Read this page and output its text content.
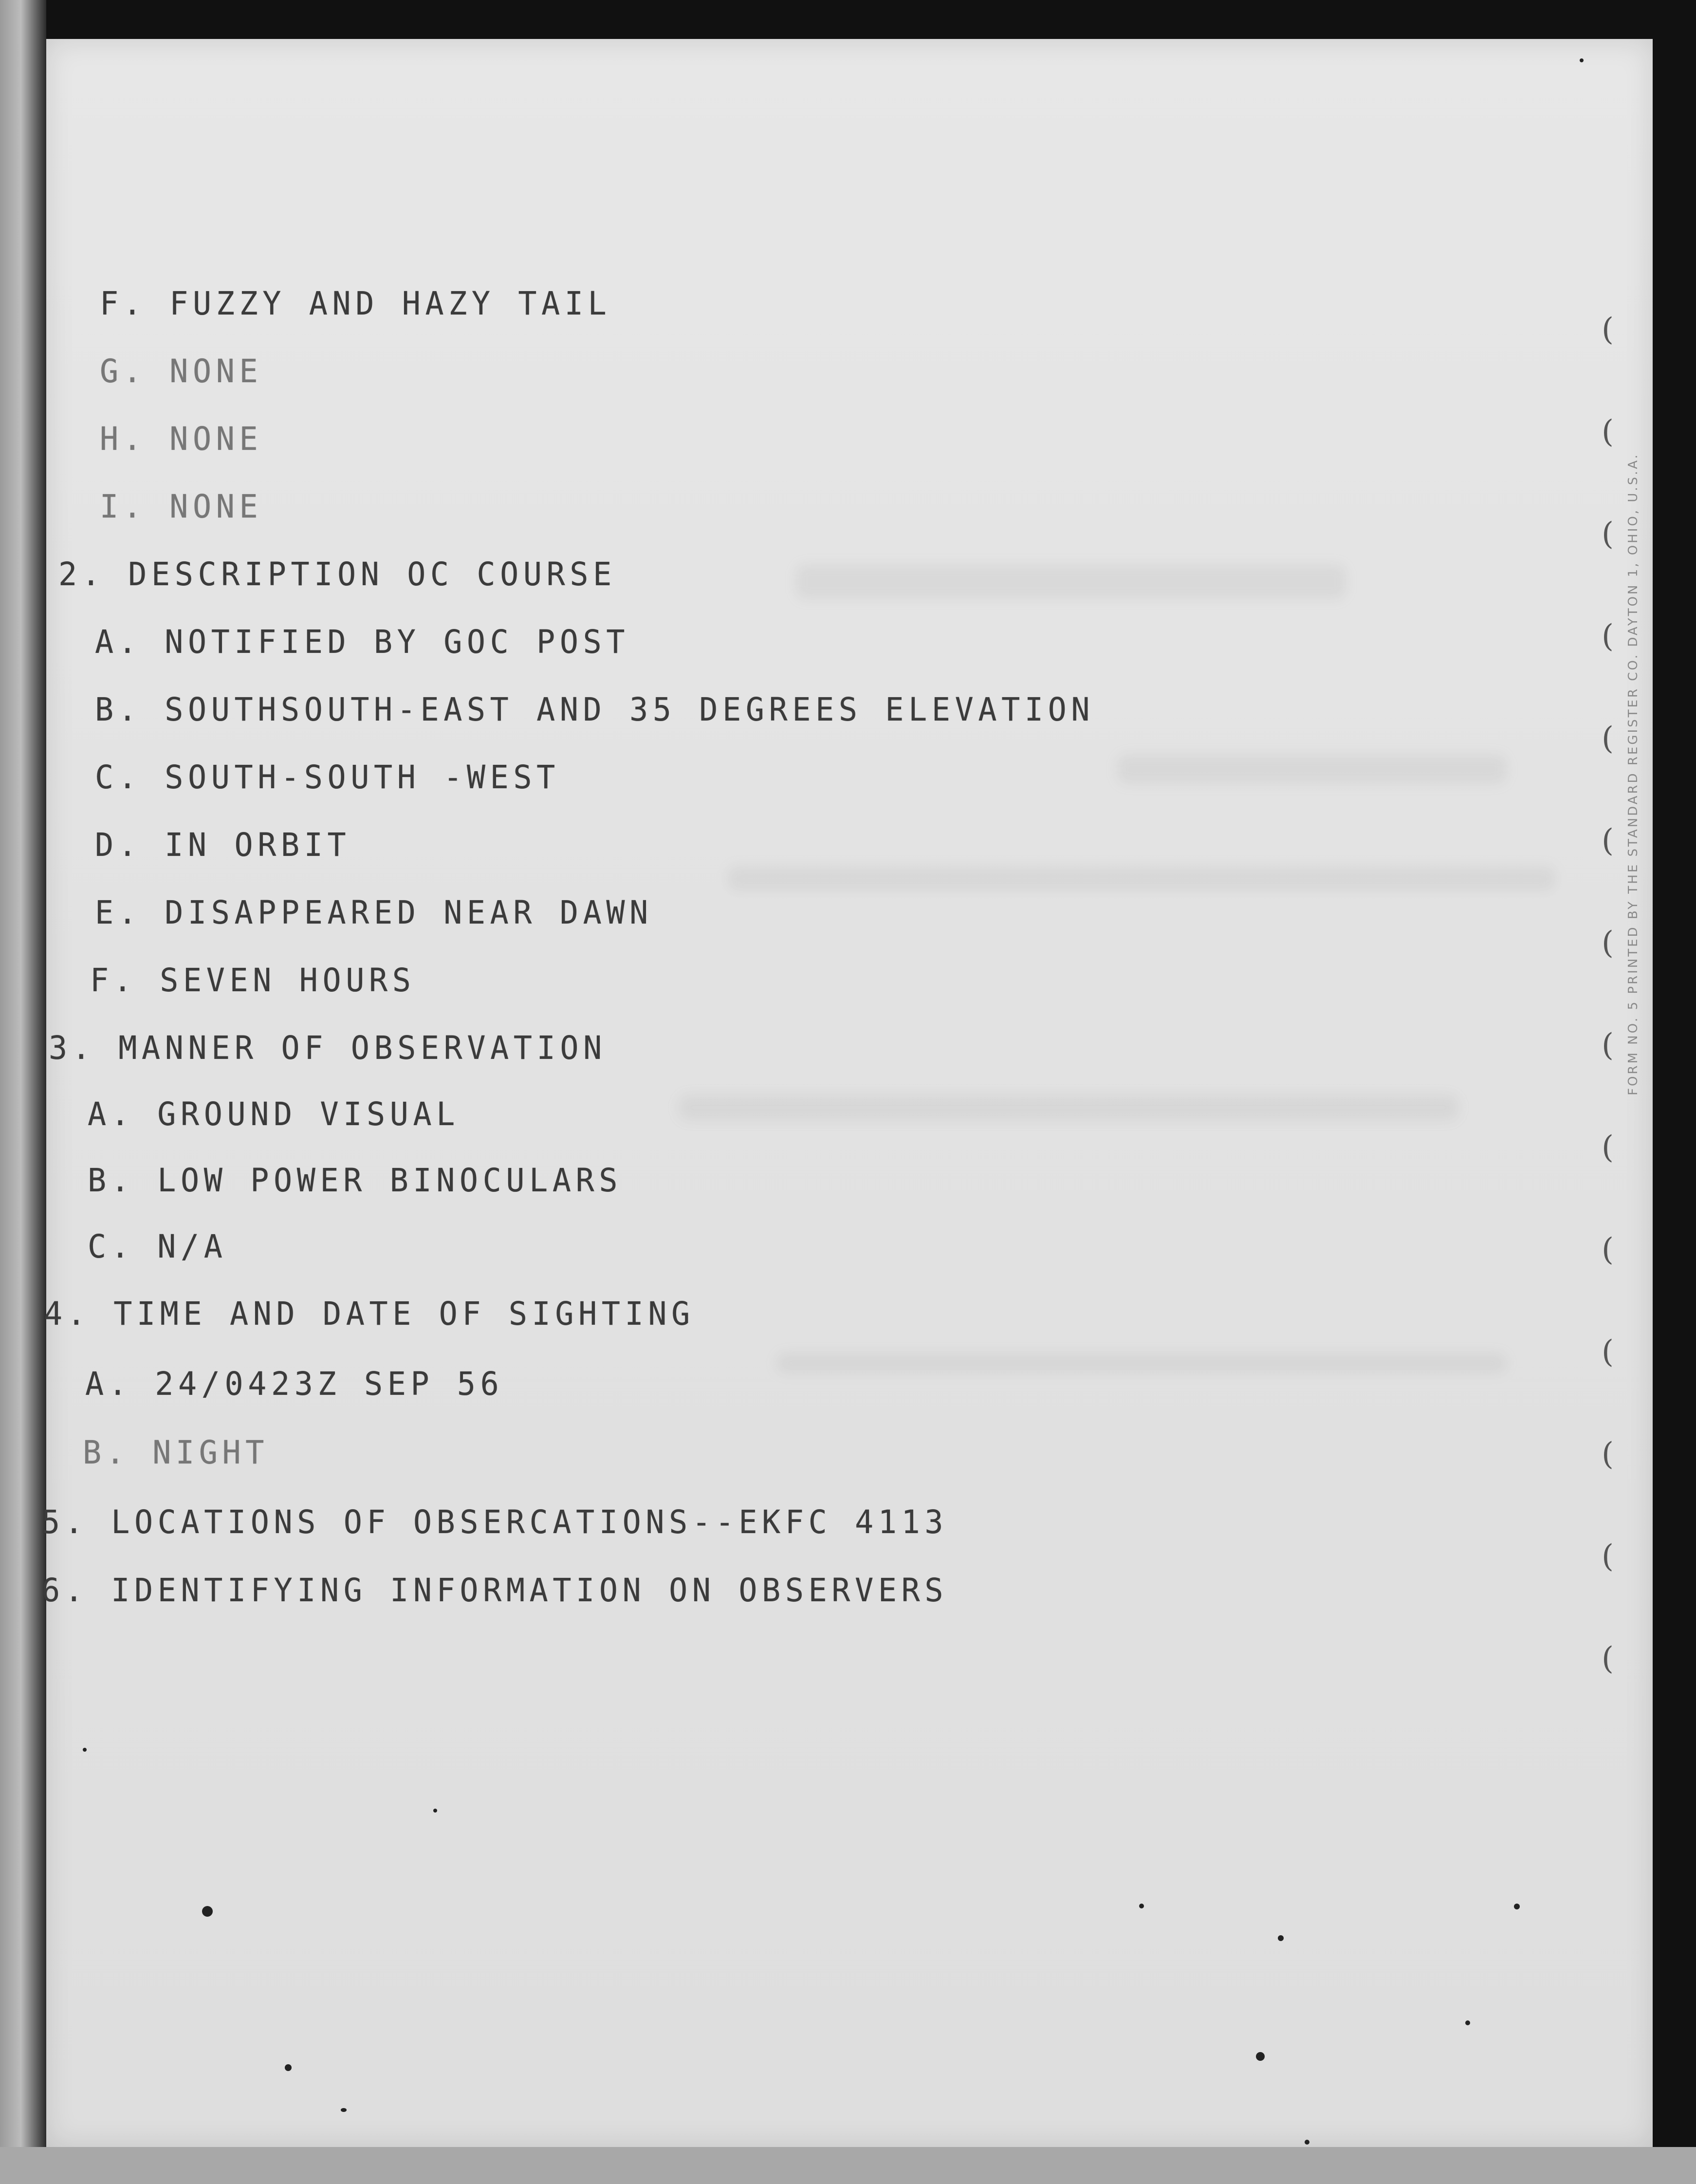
F. FUZZY AND HAZY TAIL
G. NONE
H. NONE
I. NONE
2. DESCRIPTION OC COURSE
A. NOTIFIED BY GOC POST
B. SOUTHSOUTH-EAST AND 35 DEGREES ELEVATION
C. SOUTH-SOUTH -WEST
D. IN ORBIT
E. DISAPPEARED NEAR DAWN
F. SEVEN HOURS
3. MANNER OF OBSERVATION
A. GROUND VISUAL
B. LOW POWER BINOCULARS
C. N/A
4. TIME AND DATE OF SIGHTING
A. 24/0423Z SEP 56
B. NIGHT
5. LOCATIONS OF OBSERCATIONS--EKFC 4113
6. IDENTIFYING INFORMATION ON OBSERVERS
FORM NO. 5 PRINTED BY THE STANDARD REGISTER CO. DAYTON 1, OHIO, U.S.A.
(
(
(
(
(
(
(
(
(
(
(
(
(
(
